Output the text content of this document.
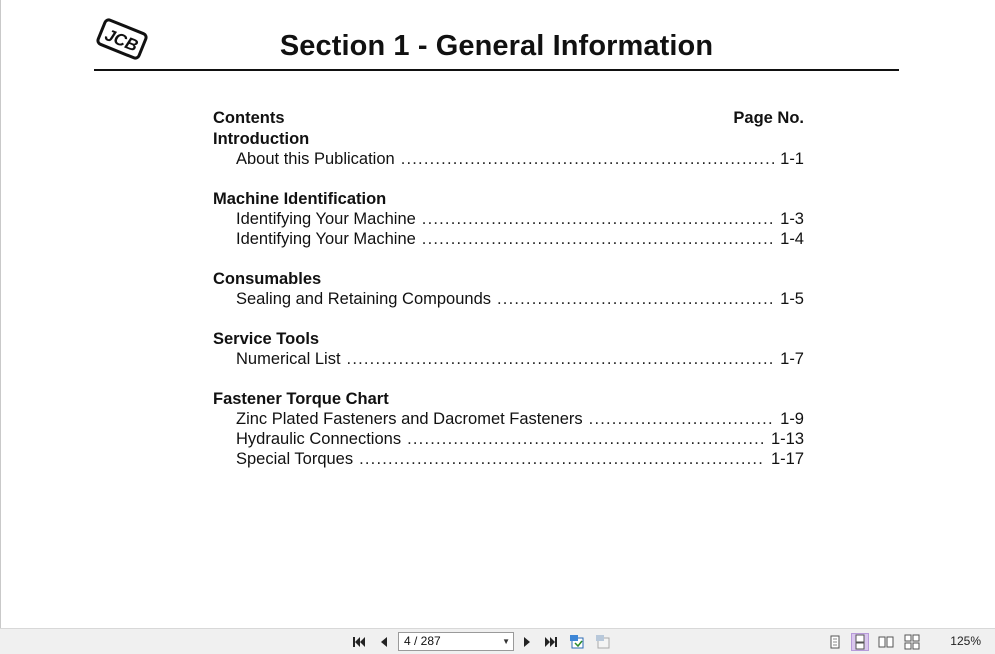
JCB	Section 1 - General Information
Contents	Page No.
Introduction
About this Publication .....	1-1
Machine Identification
Identifying Your Machine .....	1-3
Identifying Your Machine .....	1-4
Consumables
Sealing and Retaining Compounds .....	1-5
Service Tools
Numerical List .....	1-7
Fastener Torque Chart
Zinc Plated Fasteners and Dacromet Fasteners .....	1-9
Hydraulic Connections .....	1-13
Special Torques .....	1-17
4 / 287	▼	125%
